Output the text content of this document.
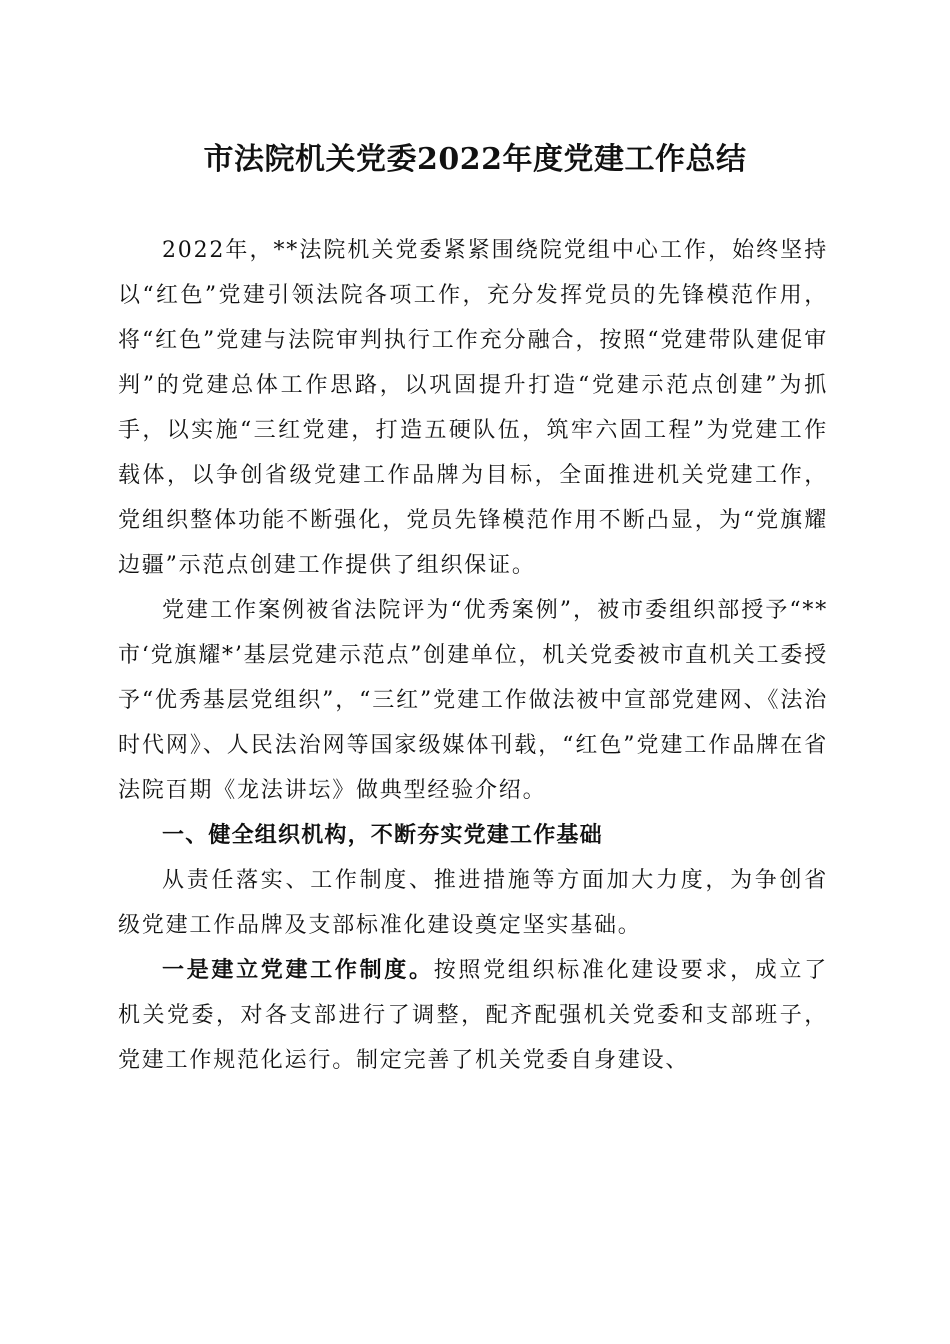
市法院机关党委2022年度党建工作总结

2022年，**法院机关党委紧紧围绕院党组中心工作，始终坚持以“红色”党建引领法院各项工作，充分发挥党员的先锋模范作用，将“红色”党建与法院审判执行工作充分融合，按照“党建带队建促审判”的党建总体工作思路，以巩固提升打造“党建示范点创建”为抓手，以实施“三红党建，打造五硬队伍，筑牢六固工程”为党建工作载体，以争创省级党建工作品牌为目标，全面推进机关党建工作，党组织整体功能不断强化，党员先锋模范作用不断凸显，为“党旗耀边疆”示范点创建工作提供了组织保证。

党建工作案例被省法院评为“优秀案例”，被市委组织部授予“**市‘党旗耀*’基层党建示范点”创建单位，机关党委被市直机关工委授予“优秀基层党组织”，“三红”党建工作做法被中宣部党建网、《法治时代网》、人民法治网等国家级媒体刊载，“红色”党建工作品牌在省法院百期《龙法讲坛》做典型经验介绍。

一、健全组织机构，不断夯实党建工作基础

从责任落实、工作制度、推进措施等方面加大力度，为争创省级党建工作品牌及支部标准化建设奠定坚实基础。

一是建立党建工作制度。按照党组织标准化建设要求，成立了机关党委，对各支部进行了调整，配齐配强机关党委和支部班子，党建工作规范化运行。制定完善了机关党委自身建设、
